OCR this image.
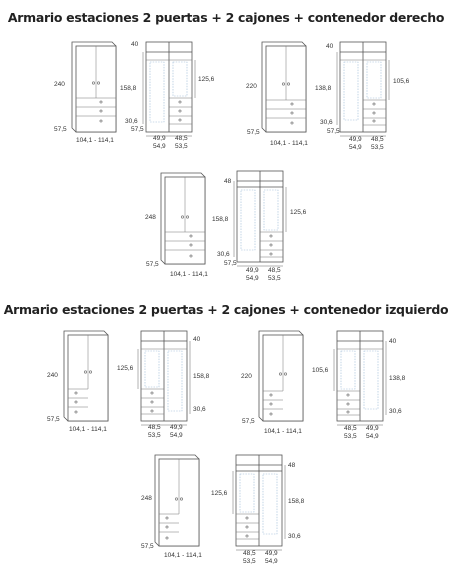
Armario estaciones 2 puertas + 2 cajones + contenedor derecho
Armario estaciones 2 puertas + 2 cajones + contenedor izquierdo
240
57,5
104,1 - 114,1
40
158,8
125,6
30,6
57,5
49,9
54,9
48,5
53,5
220
57,5
104,1 - 114,1
40
138,8
105,6
30,6
57,5
49,9
54,9
48,5
53,5
248
57,5
104,1 - 114,1
48
158,8
125,6
30,6
57,5
49,9
54,9
48,5
53,5
240
57,5
104,1 - 114,1
125,6
40
158,8
30,6
48,5
53,5
49,9
54,9
220
57,5
104,1 - 114,1
105,6
40
138,8
30,6
48,5
53,5
49,9
54,9
248
57,5
104,1 - 114,1
125,6
48
158,8
30,6
48,5
53,5
49,9
54,9
